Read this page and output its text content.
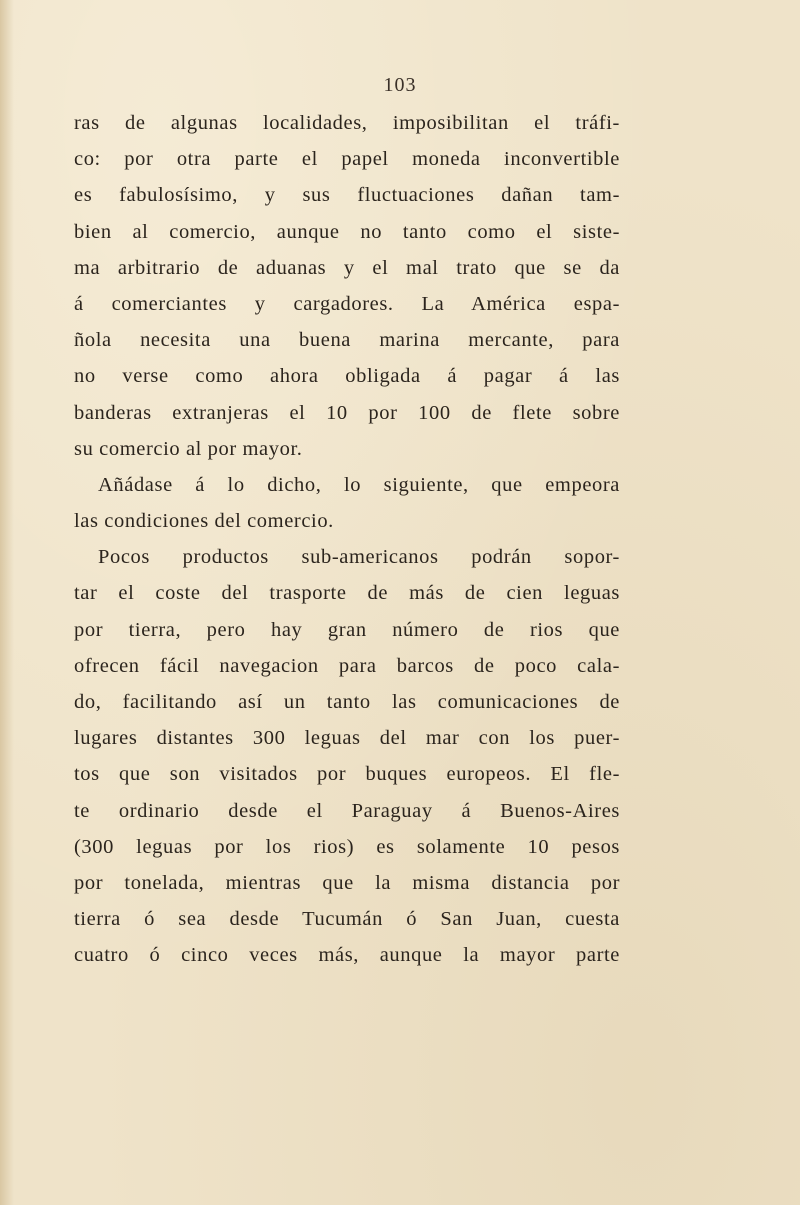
103
ras de algunas localidades, imposibilitan el tráfi-
co: por otra parte el papel moneda inconvertible
es fabulosísimo, y sus fluctuaciones dañan tam-
bien al comercio, aunque no tanto como el siste-
ma arbitrario de aduanas y el mal trato que se da
á comerciantes y cargadores. La América espa-
ñola necesita una buena marina mercante, para
no verse como ahora obligada á pagar á las
banderas extranjeras el 10 por 100 de flete sobre
su comercio al por mayor.
Añádase á lo dicho, lo siguiente, que empeora
las condiciones del comercio.
Pocos productos sub-americanos podrán sopor-
tar el coste del trasporte de más de cien leguas
por tierra, pero hay gran número de rios que
ofrecen fácil navegacion para barcos de poco cala-
do, facilitando así un tanto las comunicaciones de
lugares distantes 300 leguas del mar con los puer-
tos que son visitados por buques europeos. El fle-
te ordinario desde el Paraguay á Buenos-Aires
(300 leguas por los rios) es solamente 10 pesos
por tonelada, mientras que la misma distancia por
tierra ó sea desde Tucumán ó San Juan, cuesta
cuatro ó cinco veces más, aunque la mayor parte
